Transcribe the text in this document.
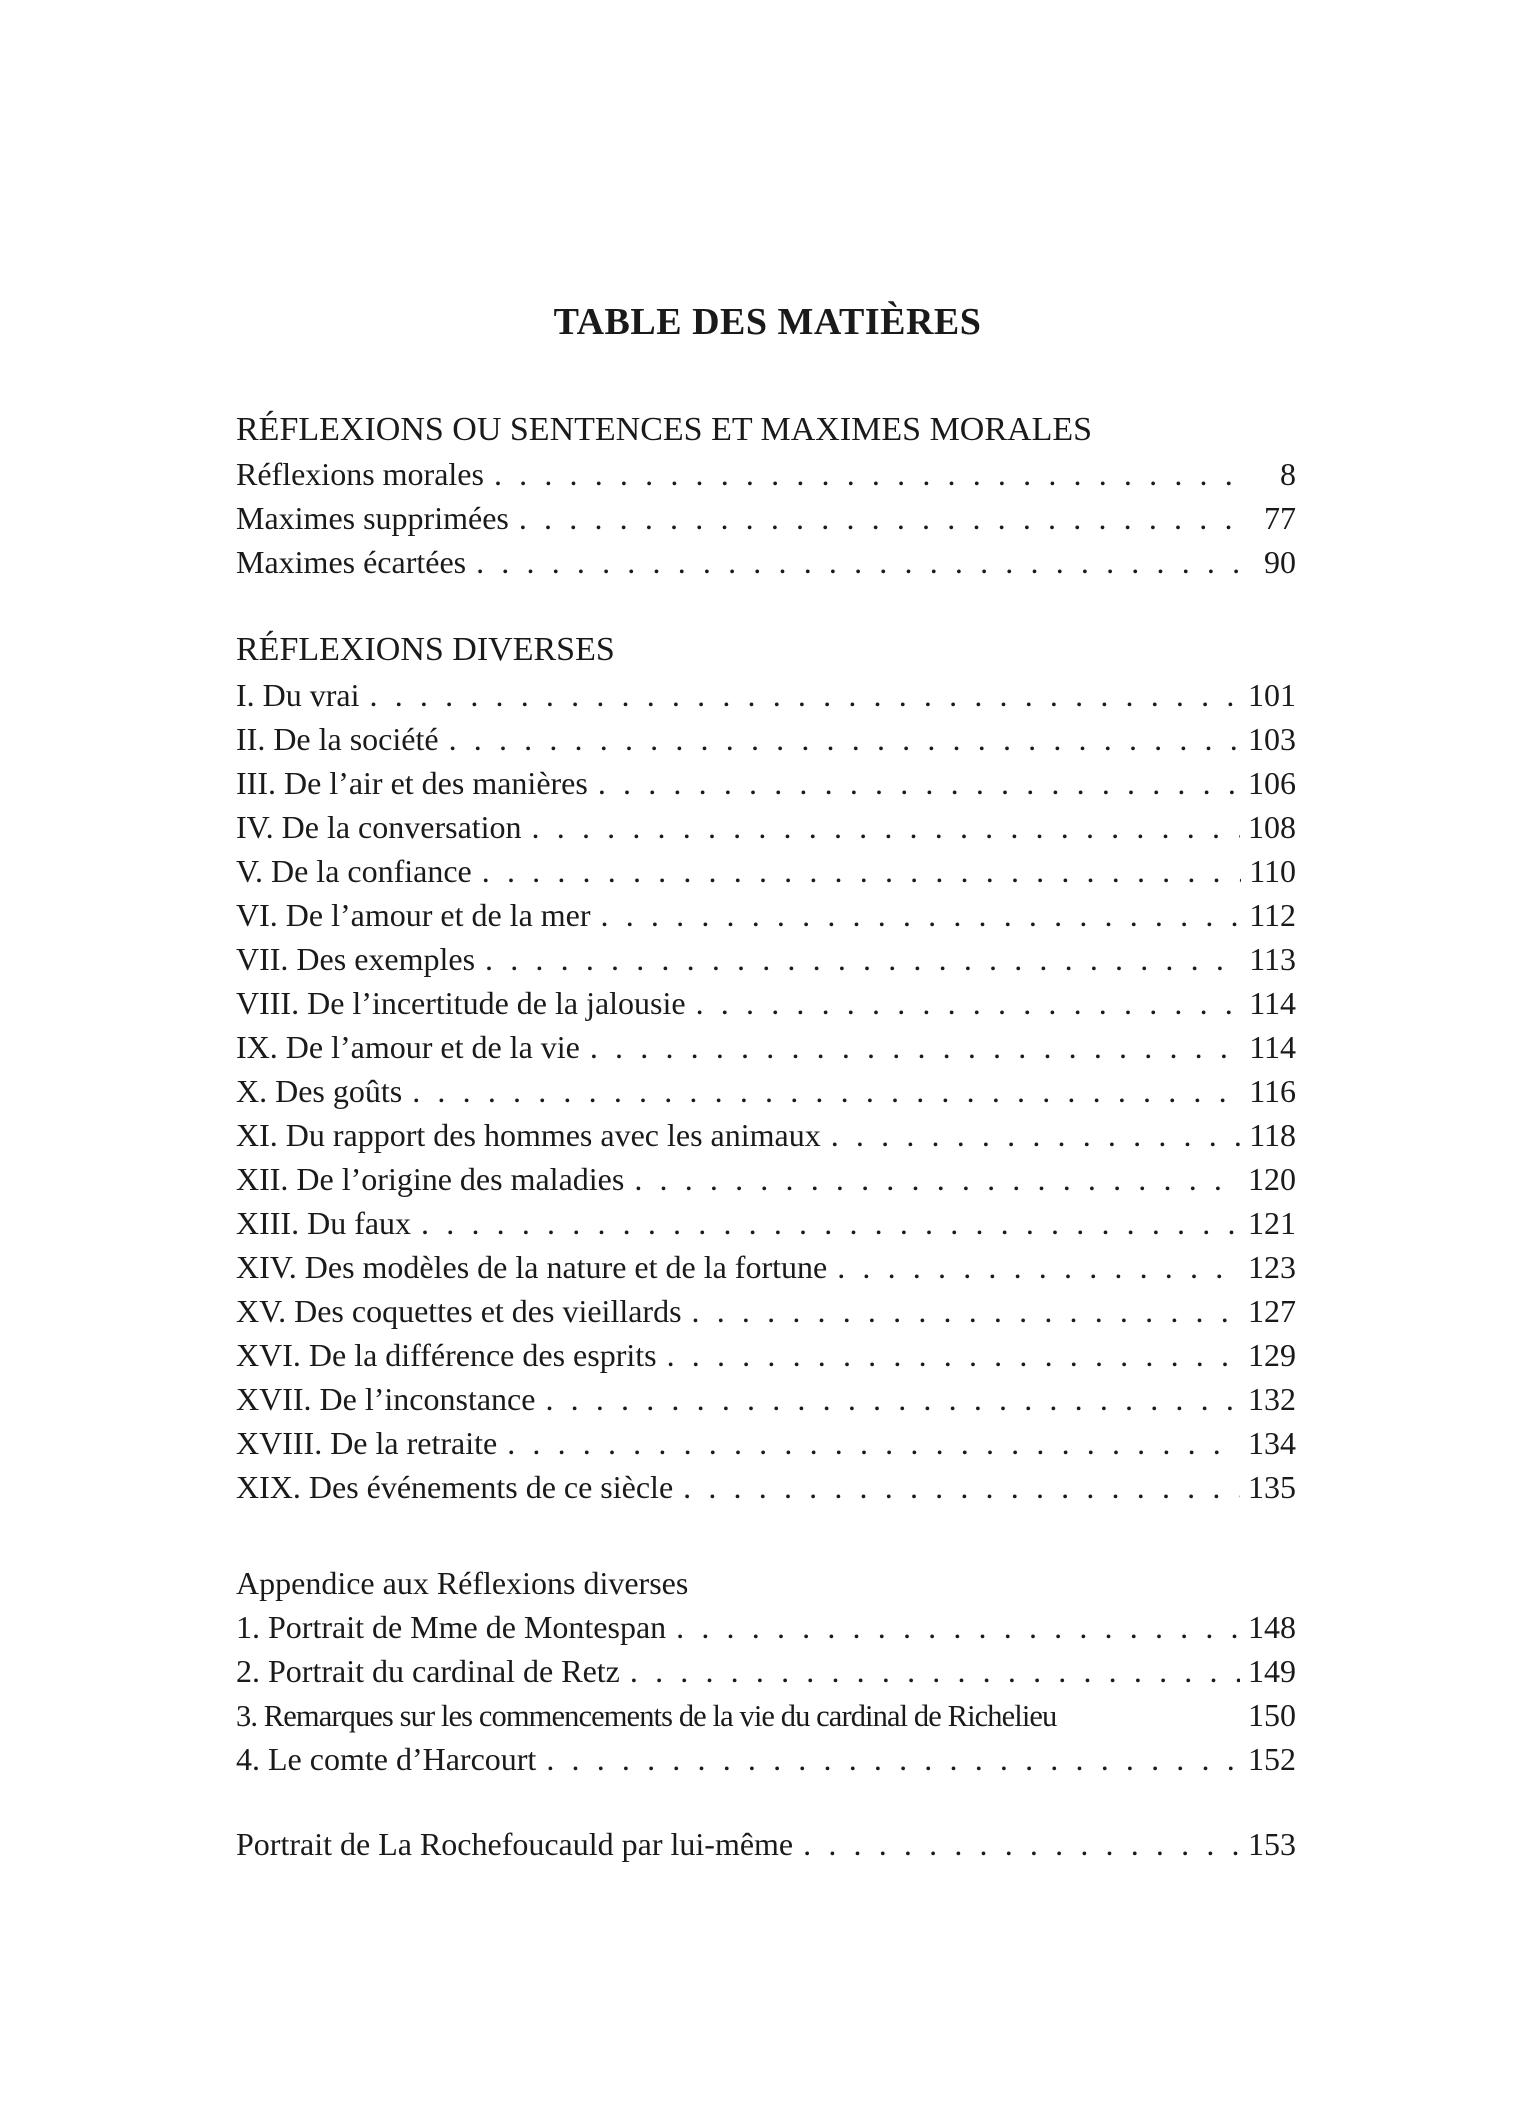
TABLE DES MATIÈRES
RÉFLEXIONS OU SENTENCES ET MAXIMES MORALES
Réflexions morales . . .	8
Maximes supprimées . . .	77
Maximes écartées . . .	90
RÉFLEXIONS DIVERSES
I. Du vrai . . .	101
II. De la société . . .	103
III. De l’air et des manières . . .	106
IV. De la conversation . . .	108
V. De la confiance . . .	110
VI. De l’amour et de la mer . . .	112
VII. Des exemples . . .	113
VIII. De l’incertitude de la jalousie . . .	114
IX. De l’amour et de la vie . . .	114
X. Des goûts . . .	116
XI. Du rapport des hommes avec les animaux . . .	118
XII. De l’origine des maladies . . .	120
XIII. Du faux . . .	121
XIV. Des modèles de la nature et de la fortune . . .	123
XV. Des coquettes et des vieillards . . .	127
XVI. De la différence des esprits . . .	129
XVII. De l’inconstance . . .	132
XVIII. De la retraite . . .	134
XIX. Des événements de ce siècle . . .	135
Appendice aux Réflexions diverses
1. Portrait de Mme de Montespan . . .	148
2. Portrait du cardinal de Retz . . .	149
3. Remarques sur les commencements de la vie du cardinal de Richelieu	150
4. Le comte d’Harcourt . . .	152
Portrait de La Rochefoucauld par lui-même . . .	153
